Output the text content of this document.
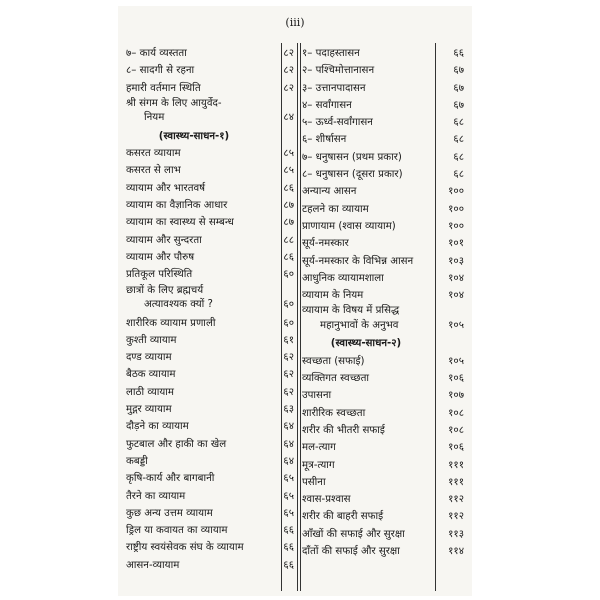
(iii)
७– कार्य व्यस्तता	८२
८– सादगी से रहना	८२
हमारी वर्तमान स्थिति	८२
श्री संगम के लिए आयुर्वेद-
नियम	८४
(स्वास्थ्य-साधन-१)
कसरत व्यायाम	८५
कसरत से लाभ	८५
व्यायाम और भारतवर्ष	८६
व्यायाम का वैज्ञानिक आधार	८७
व्यायाम का स्वास्थ्य से सम्बन्ध	८७
व्यायाम और सुन्दरता	८८
व्यायाम और पौरुष	८६
प्रतिकूल परिस्थिति	६०
छात्रों के लिए ब्रह्मचर्य
अत्यावश्यक क्यों ?	६०
शारीरिक व्यायाम प्रणाली	६०
कुश्ती व्यायाम	६१
दण्ड व्यायाम	६२
बैठक व्यायाम	६२
लाठी व्यायाम	६२
मुद्गर व्यायाम	६३
दौड़ने का व्यायाम	६४
फुटबाल और हाकी का खेल	६४
कबड्डी	६४
कृषि-कार्य और बागबानी	६५
तैरने का व्यायाम	६५
कुछ अन्य उत्तम व्यायाम	६५
ड्रिल या कवायत का व्यायाम	६६
राष्ट्रीय स्वयंसेवक संघ के व्यायाम	६६
आसन-व्यायाम	६६
१– पदाहस्तासन	६६
२– पश्चिमोत्तानासन	६७
३– उत्तानपादासन	६७
४– सर्वांगासन	६७
५– ऊर्ध्व-सर्वांगासन	६८
६– शीर्षासन	६८
७– धनुषासन (प्रथम प्रकार)	६८
८– धनुषासन (दूसरा प्रकार)	६८
अन्यान्य आसन	१००
टहलने का व्यायाम	१००
प्राणायाम (श्वास व्यायाम)	१००
सूर्य-नमस्कार	१०१
सूर्य-नमस्कार के विभिन्न आसन	१०३
आधुनिक व्यायामशाला	१०४
व्यायाम के नियम	१०४
व्यायाम के विषय में प्रसिद्ध
महानुभावों के अनुभव	१०५
(स्वास्थ्य-साधन-२)
स्वच्छता (सफाई)	१०५
व्यक्तिगत स्वच्छता	१०६
उपासना	१०७
शारीरिक स्वच्छता	१०८
शरीर की भीतरी सफाई	१०८
मल-त्याग	१०६
मूत्र-त्याग	१११
पसीना	१११
श्वास-प्रश्वास	११२
शरीर की बाहरी सफाई	११२
आँखों की सफाई और सुरक्षा	११३
दाँतों की सफाई और सुरक्षा	११४
